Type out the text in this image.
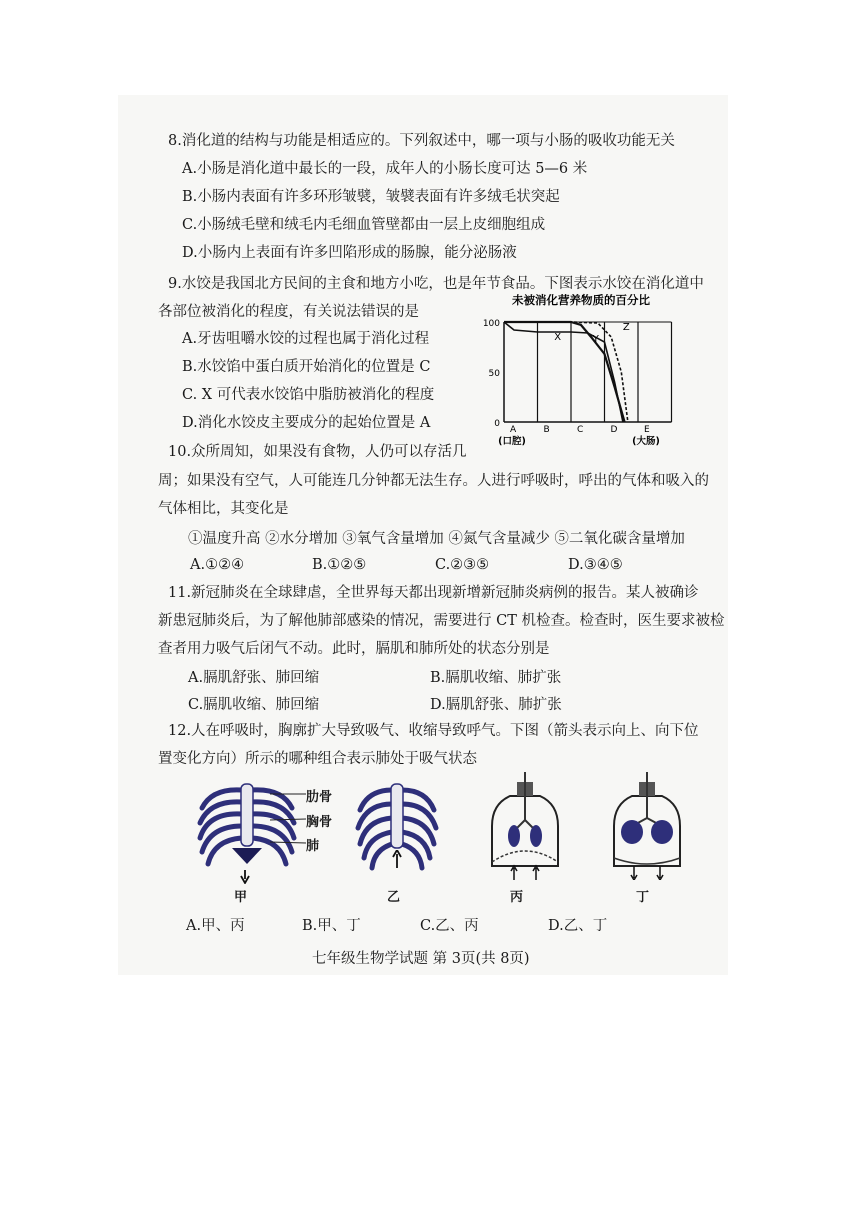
8.消化道的结构与功能是相适应的。下列叙述中，哪一项与小肠的吸收功能无关
A.小肠是消化道中最长的一段，成年人的小肠长度可达 5—6 米
B.小肠内表面有许多环形皱襞，皱襞表面有许多绒毛状突起
C.小肠绒毛壁和绒毛内毛细血管壁都由一层上皮细胞组成
D.小肠内上表面有许多凹陷形成的肠腺，能分泌肠液
9.水饺是我国北方民间的主食和地方小吃，也是年节食品。下图表示水饺在消化道中
各部位被消化的程度，有关说法错误的是
A.牙齿咀嚼水饺的过程也属于消化过程
B.水饺馅中蛋白质开始消化的位置是 C
C. X 可代表水饺馅中脂肪被消化的程度
D.消化水饺皮主要成分的起始位置是 A
未被消化营养物质的百分比
0
50
100
A
(口腔)
B	C	D	E
(大肠)
X	Y
Z
10.众所周知，如果没有食物，人仍可以存活几
周；如果没有空气，人可能连几分钟都无法生存。人进行呼吸时，呼出的气体和吸入的
气体相比，其变化是
①温度升高 ②水分增加 ③氧气含量增加 ④氮气含量减少 ⑤二氧化碳含量增加
A.①②④	B.①②⑤	C.②③⑤	D.③④⑤
11.新冠肺炎在全球肆虐，全世界每天都出现新增新冠肺炎病例的报告。某人被确诊
新患冠肺炎后，为了解他肺部感染的情况，需要进行 CT 机检查。检查时，医生要求被检
查者用力吸气后闭气不动。此时，膈肌和肺所处的状态分别是
A.膈肌舒张、肺回缩	B.膈肌收缩、肺扩张
C.膈肌收缩、肺回缩	D.膈肌舒张、肺扩张
12.人在呼吸时，胸廓扩大导致吸气、收缩导致呼气。下图（箭头表示向上、向下位
置变化方向）所示的哪种组合表示肺处于吸气状态
肋骨
胸骨
肺
甲	乙	丙	丁
A.甲、丙	B.甲、丁	C.乙、丙	D.乙、丁
七年级生物学试题 第 3页(共 8页)
